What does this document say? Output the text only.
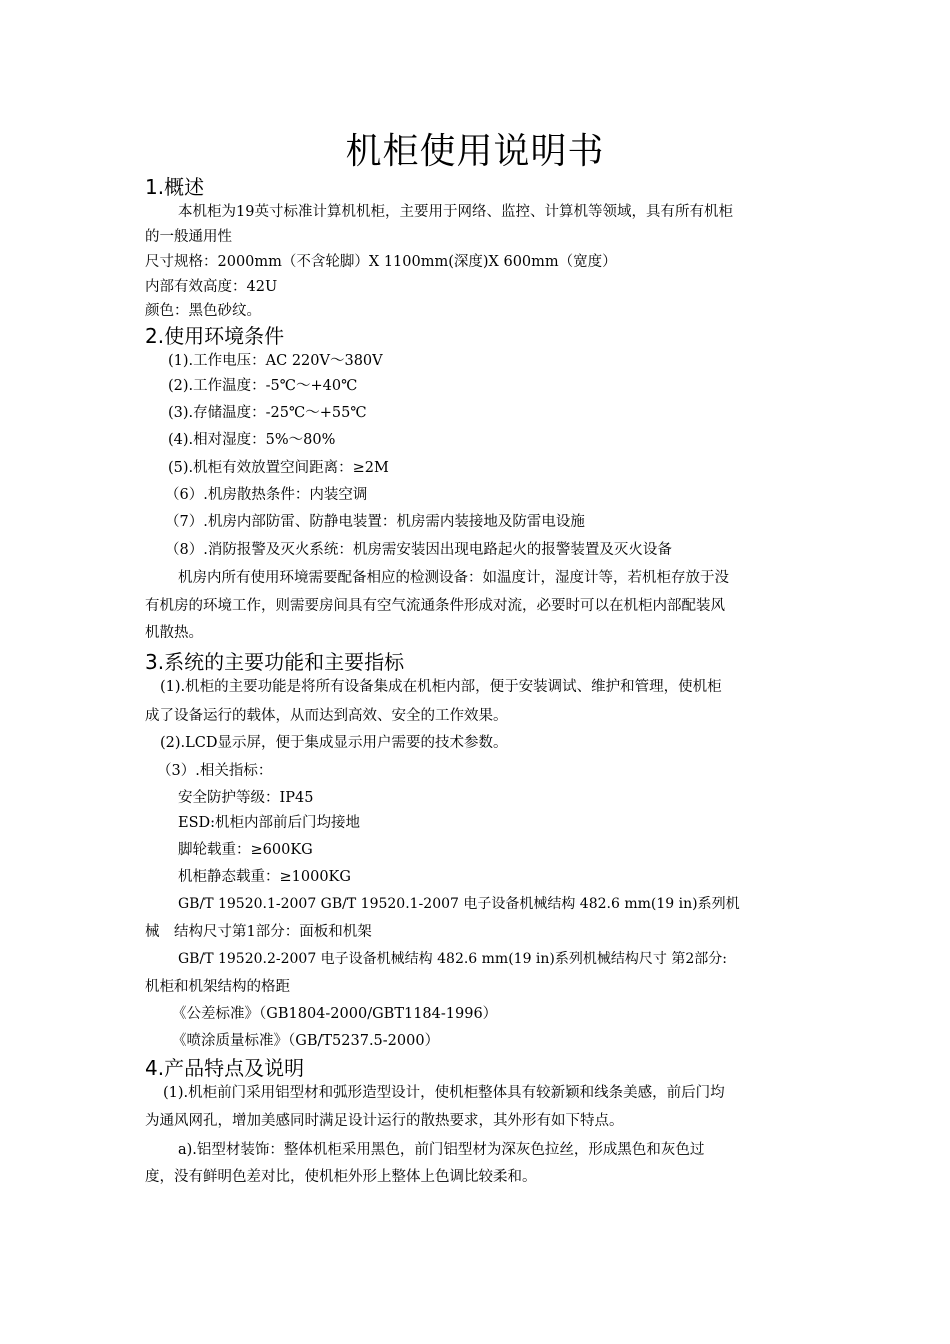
机柜使用说明书
1.概述
本机柜为19英寸标准计算机机柜，主要用于网络、监控、计算机等领域，具有所有机柜
的一般通用性
尺寸规格：2000mm（不含轮脚）X 1100mm(深度)X 600mm（宽度）
内部有效高度：42U
颜色：黑色砂纹。
2.使用环境条件
(1).工作电压：AC 220V～380V
(2).工作温度：-5℃～+40℃
(3).存储温度：-25℃～+55℃
(4).相对湿度：5%～80%
(5).机柜有效放置空间距离：≥2M
（6）.机房散热条件：内装空调
（7）.机房内部防雷、防静电装置：机房需内装接地及防雷电设施
（8）.消防报警及灭火系统：机房需安装因出现电路起火的报警装置及灭火设备
机房内所有使用环境需要配备相应的检测设备：如温度计，湿度计等，若机柜存放于没
有机房的环境工作，则需要房间具有空气流通条件形成对流，必要时可以在机柜内部配装风
机散热。
3.系统的主要功能和主要指标
(1).机柜的主要功能是将所有设备集成在机柜内部，便于安装调试、维护和管理，使机柜
成了设备运行的载体，从而达到高效、安全的工作效果。
(2).LCD显示屏，便于集成显示用户需要的技术参数。
（3）.相关指标：
安全防护等级：IP45
ESD:机柜内部前后门均接地
脚轮载重：≥600KG
机柜静态载重：≥1000KG
GB/T 19520.1-2007 GB/T 19520.1-2007 电子设备机械结构 482.6 mm(19 in)系列机
械　结构尺寸第1部分：面板和机架
GB/T 19520.2-2007 电子设备机械结构 482.6 mm(19 in)系列机械结构尺寸 第2部分:
机柜和机架结构的格距
《公差标准》（GB1804-2000/GBT1184-1996）
《喷涂质量标准》（GB/T5237.5-2000）
4.产品特点及说明
(1).机柜前门采用铝型材和弧形造型设计，使机柜整体具有较新颖和线条美感，前后门均
为通风网孔，增加美感同时满足设计运行的散热要求，其外形有如下特点。
a).铝型材装饰：整体机柜采用黑色，前门铝型材为深灰色拉丝，形成黑色和灰色过
度，没有鲜明色差对比，使机柜外形上整体上色调比较柔和。
